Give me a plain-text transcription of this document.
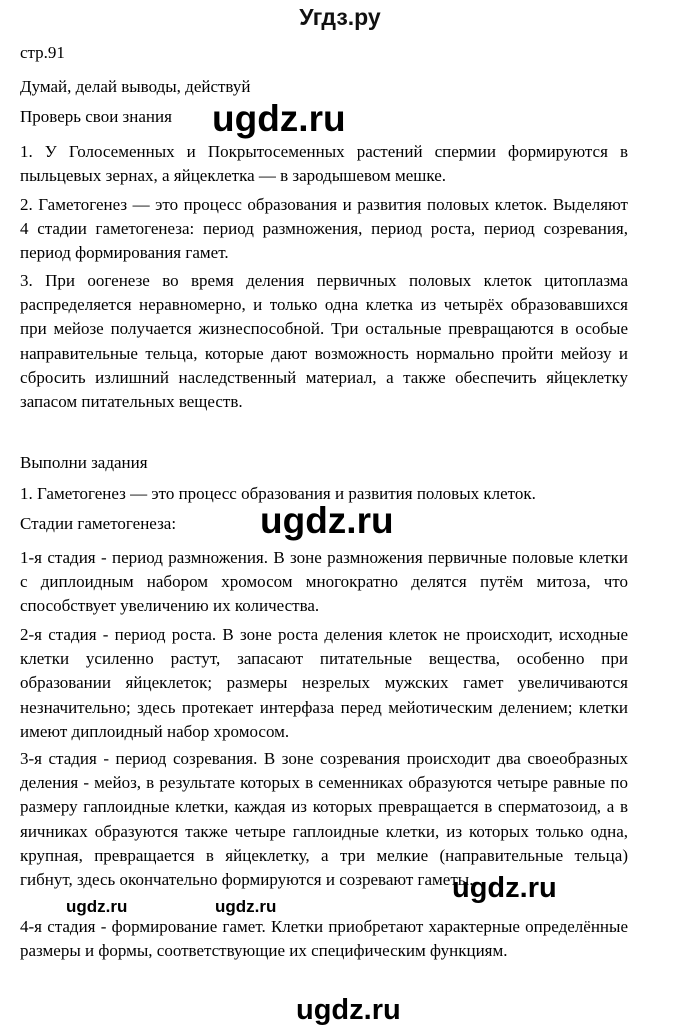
Угдз.ру
стр.91
Думай, делай выводы, действуй
Проверь свои знания
1. У Голосеменных и Покрытосеменных растений спермии формируются в пыльцевых зернах, а яйцеклетка — в зародышевом мешке.
2. Гаметогенез — это процесс образования и развития половых клеток. Выделяют 4 стадии гаметогенеза: период размножения, период роста, период созревания, период формирования гамет.
3. При оогенезе во время деления первичных половых клеток цитоплазма распределяется неравномерно, и только одна клетка из четырёх образовавшихся при мейозе получается жизнеспособной. Три остальные превращаются в особые направительные тельца, которые дают возможность нормально пройти мейозу и сбросить излишний наследственный материал, а также обеспечить яйцеклетку запасом питательных веществ.
Выполни задания
1. Гаметогенез — это процесс образования и развития половых клеток.
Стадии гаметогенеза:
1-я стадия - период размножения. В зоне размножения первичные половые клетки с диплоидным набором хромосом многократно делятся путём митоза, что способствует увеличению их количества.
2-я стадия - период роста. В зоне роста деления клеток не происходит, исходные клетки усиленно растут, запасают питательные вещества, особенно при образовании яйцеклеток; размеры незрелых мужских гамет увеличиваются незначительно; здесь протекает интерфаза перед мейотическим делением; клетки имеют диплоидный набор хромосом.
3-я стадия - период созревания. В зоне созревания происходит два своеобразных деления - мейоз, в результате которых в семенниках образуются четыре равные по размеру гаплоидные клетки, каждая из которых превращается в сперматозоид, а в яичниках образуются также четыре гаплоидные клетки, из которых только одна, крупная, превращается в яйцеклетку, а три мелкие (направительные тельца) гибнут, здесь окончательно формируются и созревают гаметы.
4-я стадия - формирование гамет. Клетки приобретают характерные определённые размеры и формы, соответствующие их специфическим функциям.
ugdz.ru
ugdz.ru
ugdz.ru
ugdz.ru	ugdz.ru
ugdz.ru
